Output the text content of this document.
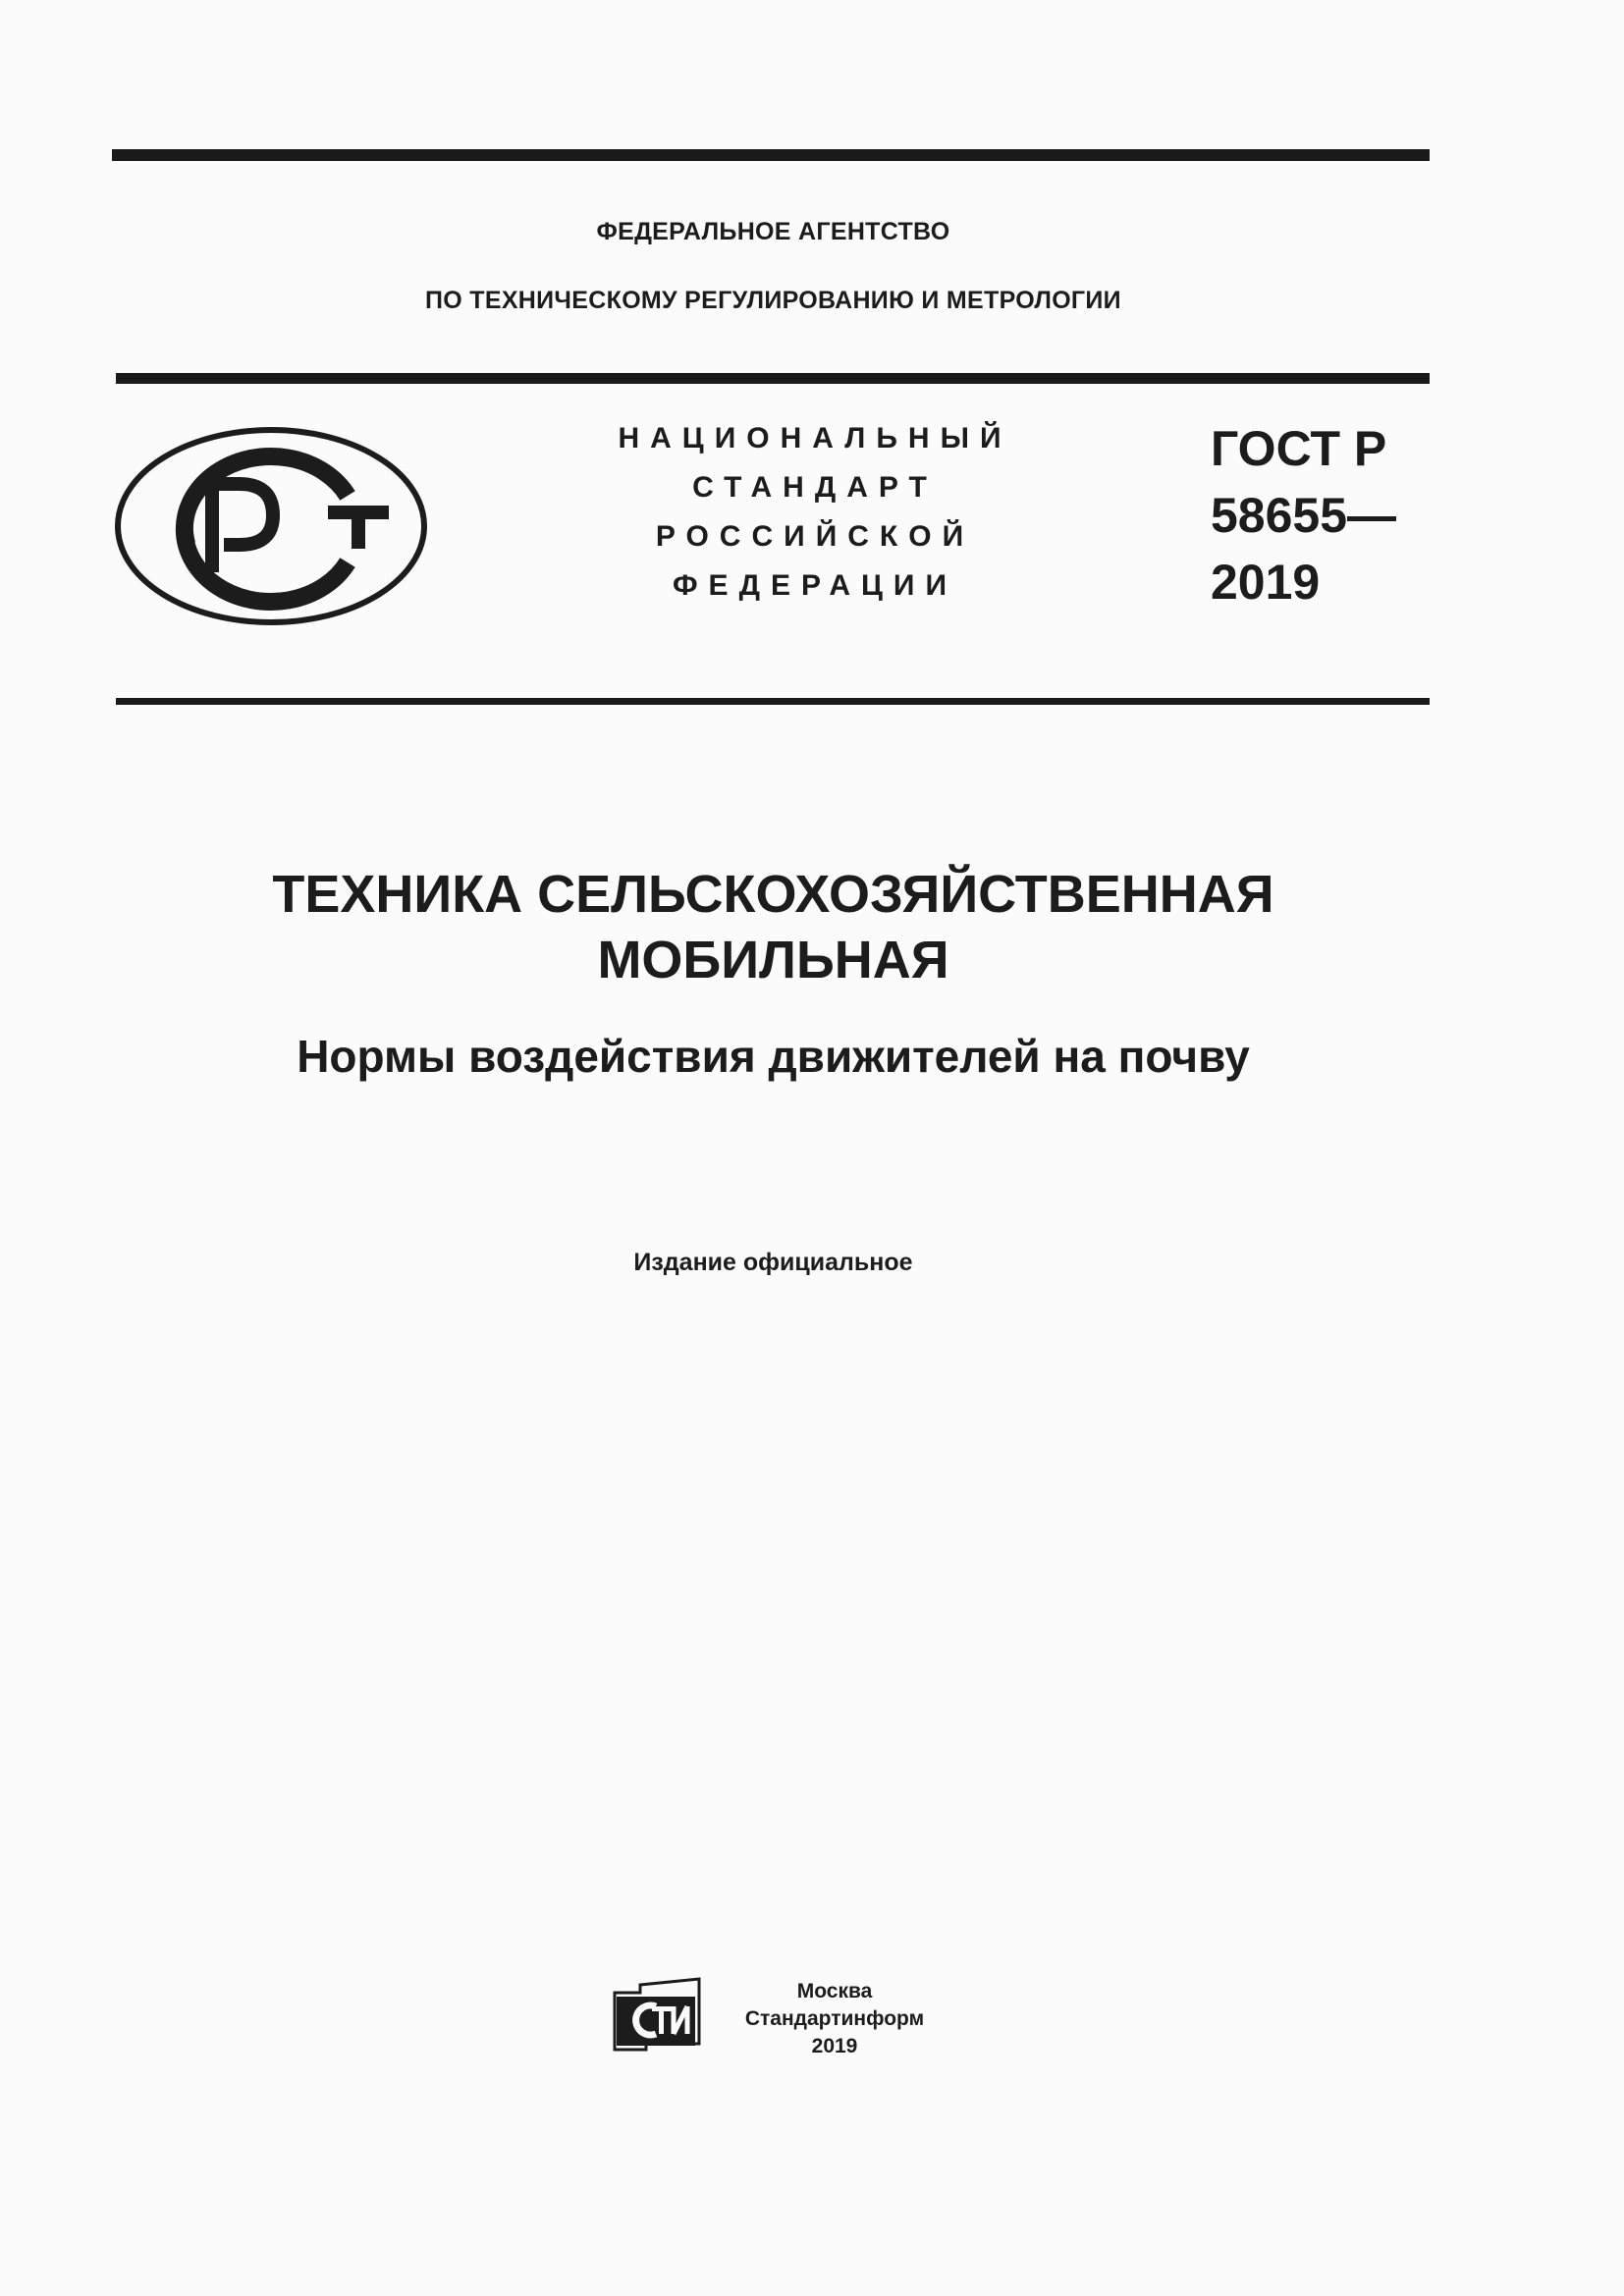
ФЕДЕРАЛЬНОЕ АГЕНТСТВО
ПО ТЕХНИЧЕСКОМУ РЕГУЛИРОВАНИЮ И МЕТРОЛОГИИ
НАЦИОНАЛЬНЫЙ
СТАНДАРТ
РОССИЙСКОЙ
ФЕДЕРАЦИИ
ГОСТ Р
58655—
2019
ТЕХНИКА СЕЛЬСКОХОЗЯЙСТВЕННАЯ
МОБИЛЬНАЯ
Нормы воздействия движителей на почву
Издание официальное
Москва
Стандартинформ
2019
